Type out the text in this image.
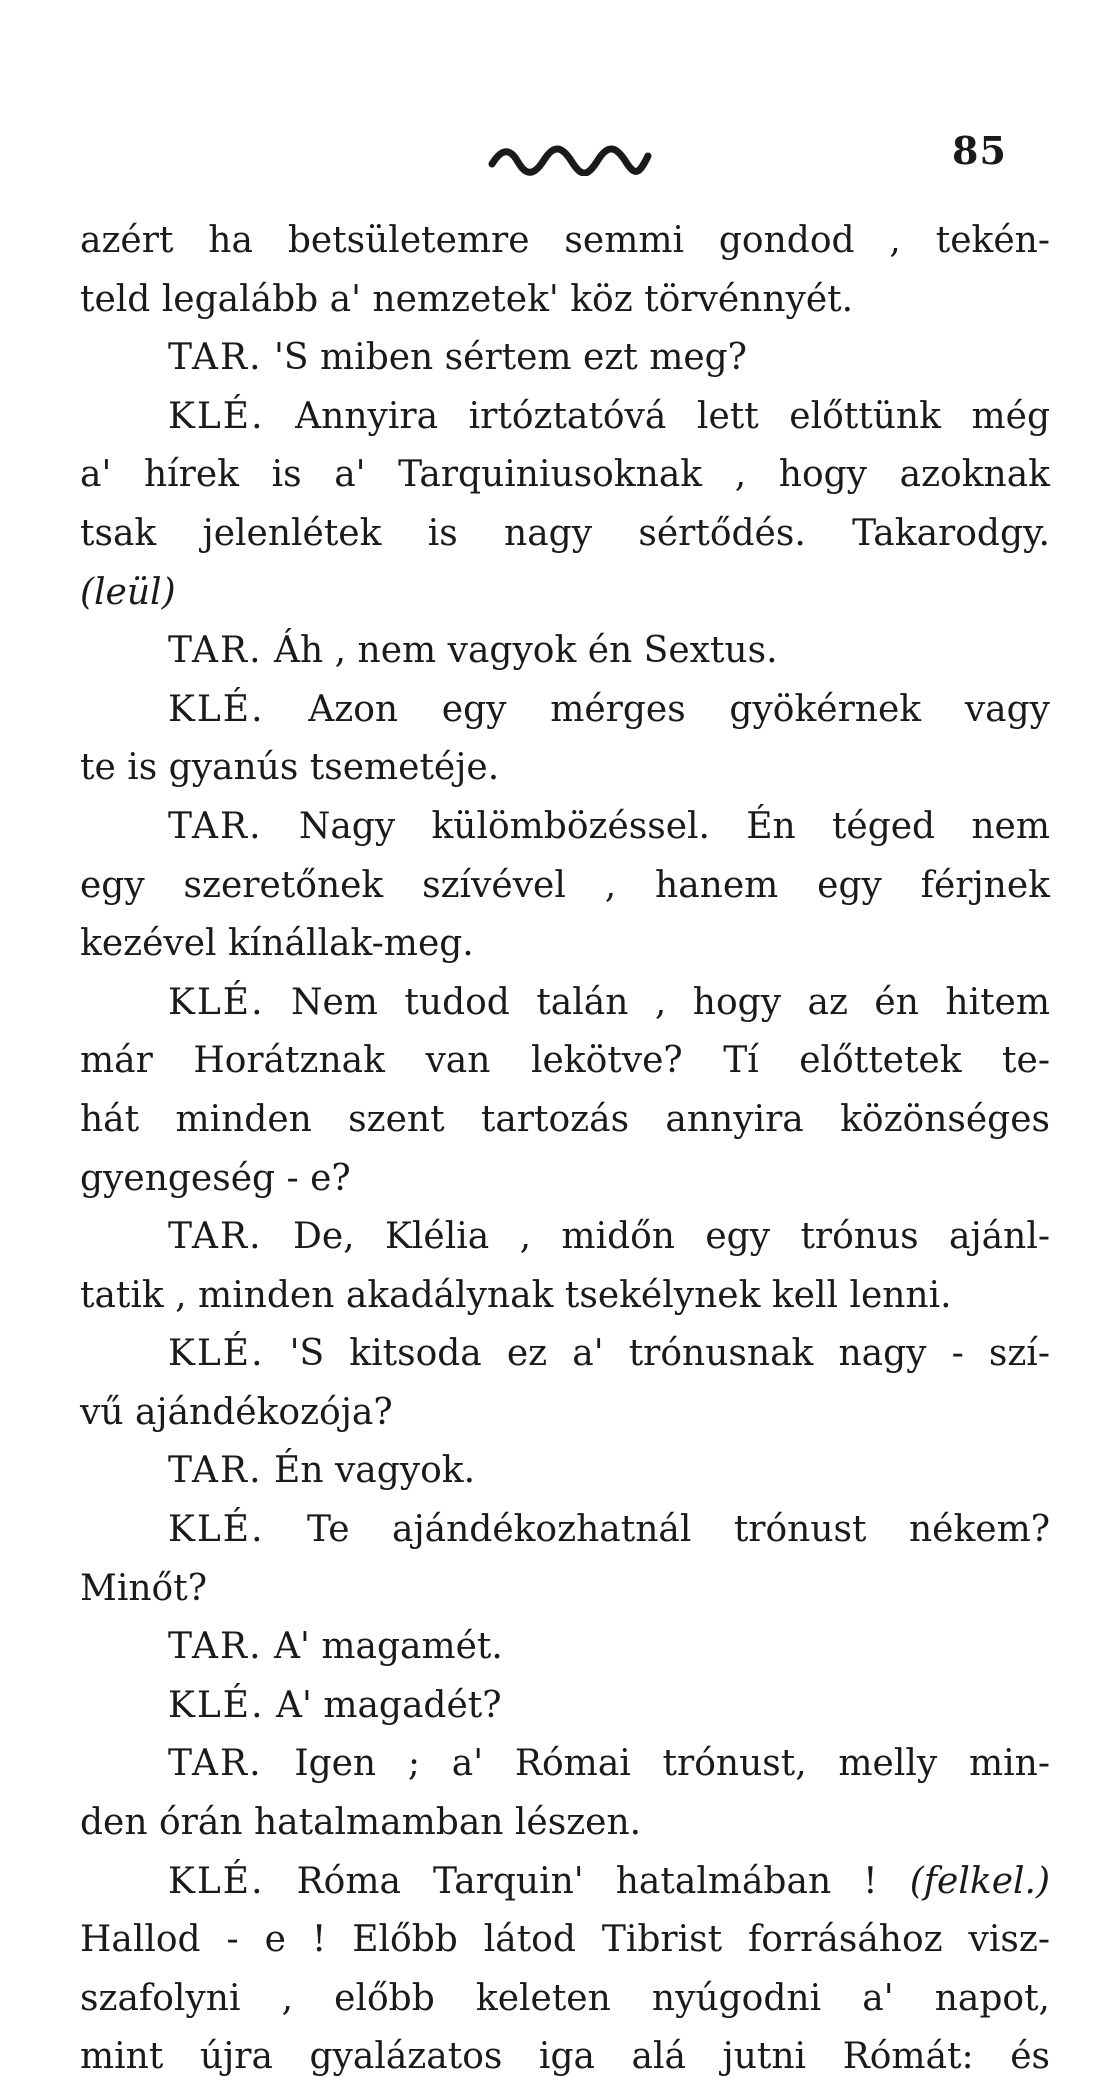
85
azért ha betsületemre semmi gondod , tekén-
teld legalább a' nemzetek' köz törvénnyét.
TAR. 'S miben sértem ezt meg?
KLÉ. Annyira irtóztatóvá lett előttünk még
a' hírek is a' Tarquiniusoknak , hogy azoknak
tsak jelenlétek is nagy sértődés. Takarodgy.
(leül)
TAR. Áh , nem vagyok én Sextus.
KLÉ. Azon egy mérges gyökérnek vagy
te is gyanús tsemetéje.
TAR. Nagy külömbözéssel. Én téged nem
egy szeretőnek szívével , hanem egy férjnek
kezével kínállak-meg.
KLÉ. Nem tudod talán , hogy az én hitem
már Horátznak van lekötve? Tí előttetek te-
hát minden szent tartozás annyira közönséges
gyengeség - e?
TAR. De, Klélia , midőn egy trónus ajánl-
tatik , minden akadálynak tsekélynek kell lenni.
KLÉ. 'S kitsoda ez a' trónusnak nagy - szí-
vű ajándékozója?
TAR. Én vagyok.
KLÉ. Te ajándékozhatnál trónust nékem?
Minőt?
TAR. A' magamét.
KLÉ. A' magadét?
TAR. Igen ; a' Római trónust, melly min-
den órán hatalmamban lészen.
KLÉ. Róma Tarquin' hatalmában ! (felkel.)
Hallod - e ! Előbb látod Tibrist forrásához visz-
szafolyni , előbb keleten nyúgodni a' napot,
mint újra gyalázatos iga alá jutni Rómát: és
